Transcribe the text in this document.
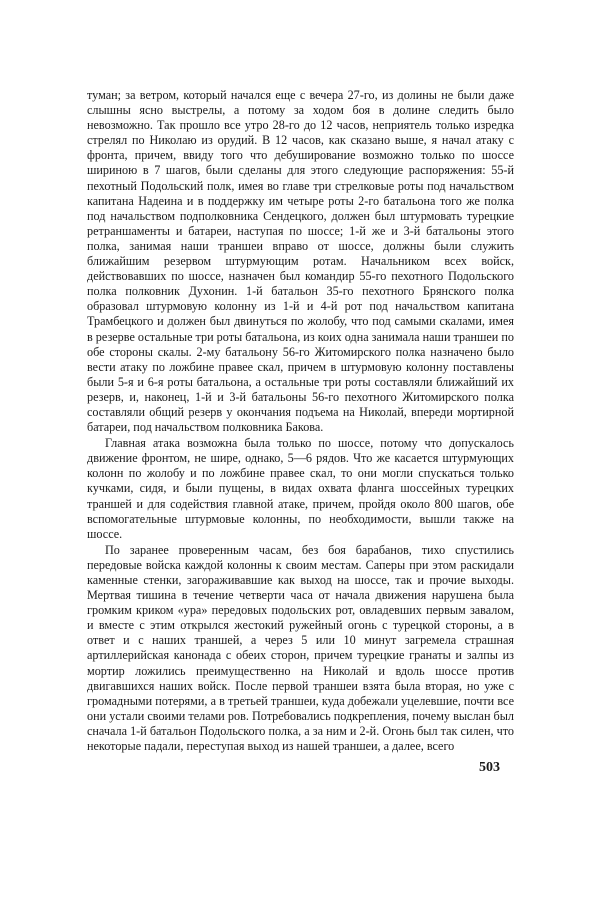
туман; за ветром, который начался еще с вечера 27-го, из долины не были даже слышны ясно выстрелы, а потому за ходом боя в долине следить было невозможно. Так прошло все утро 28-го до 12 часов, неприятель только изредка стрелял по Николаю из орудий. В 12 часов, как сказано выше, я начал атаку с фронта, причем, ввиду того что дебуширование возможно только по шоссе шириною в 7 шагов, были сделаны для этого следующие распоряжения: 55-й пехотный Подольский полк, имея во главе три стрелковые роты под начальством капитана Надеина и в поддержку им четыре роты 2-го батальона того же полка под начальством подполковника Сендецкого, должен был штурмовать турецкие ретраншаменты и батареи, наступая по шоссе; 1-й же и 3-й батальоны этого полка, занимая наши траншеи вправо от шоссе, должны были служить ближайшим резервом штурмующим ротам. Начальником всех войск, действовавших по шоссе, назначен был командир 55-го пехотного Подольского полка полковник Духонин. 1-й батальон 35-го пехотного Брянского полка образовал штурмовую колонну из 1-й и 4-й рот под начальством капитана Трамбецкого и должен был двинуться по жолобу, что под самыми скалами, имея в резерве остальные три роты батальона, из коих одна занимала наши траншеи по обе стороны скалы. 2-му батальону 56-го Житомирского полка назначено было вести атаку по ложбине правее скал, причем в штурмовую колонну поставлены были 5-я и 6-я роты батальона, а остальные три роты составляли ближайший их резерв, и, наконец, 1-й и 3-й батальоны 56-го пехотного Житомирского полка составляли общий резерв у окончания подъема на Николай, впереди мортирной батареи, под начальством полковника Бакова.

Главная атака возможна была только по шоссе, потому что допускалось движение фронтом, не шире, однако, 5—6 рядов. Что же касается штурмующих колонн по жолобу и по ложбине правее скал, то они могли спускаться только кучками, сидя, и были пущены, в видах охвата фланга шоссейных турецких траншей и для содействия главной атаке, причем, пройдя около 800 шагов, обе вспомогательные штурмовые колонны, по необходимости, вышли также на шоссе.

По заранее проверенным часам, без боя барабанов, тихо спустились передовые войска каждой колонны к своим местам. Саперы при этом раскидали каменные стенки, загораживавшие как выход на шоссе, так и прочие выходы. Мертвая тишина в течение четверти часа от начала движения нарушена была громким криком «ура» передовых подольских рот, овладевших первым завалом, и вместе с этим открылся жестокий ружейный огонь с турецкой стороны, а в ответ и с наших траншей, а через 5 или 10 минут загремела страшная артиллерийская канонада с обеих сторон, причем турецкие гранаты и залпы из мортир ложились преимущественно на Николай и вдоль шоссе против двигавшихся наших войск. После первой траншеи взята была вторая, но уже с громадными потерями, а в третьей траншеи, куда добежали уцелевшие, почти все они устали своими телами ров. Потребовались подкрепления, почему выслан был сначала 1-й батальон Подольского полка, а за ним и 2-й. Огонь был так силен, что некоторые падали, переступая выход из нашей траншеи, а далее, всего

503
